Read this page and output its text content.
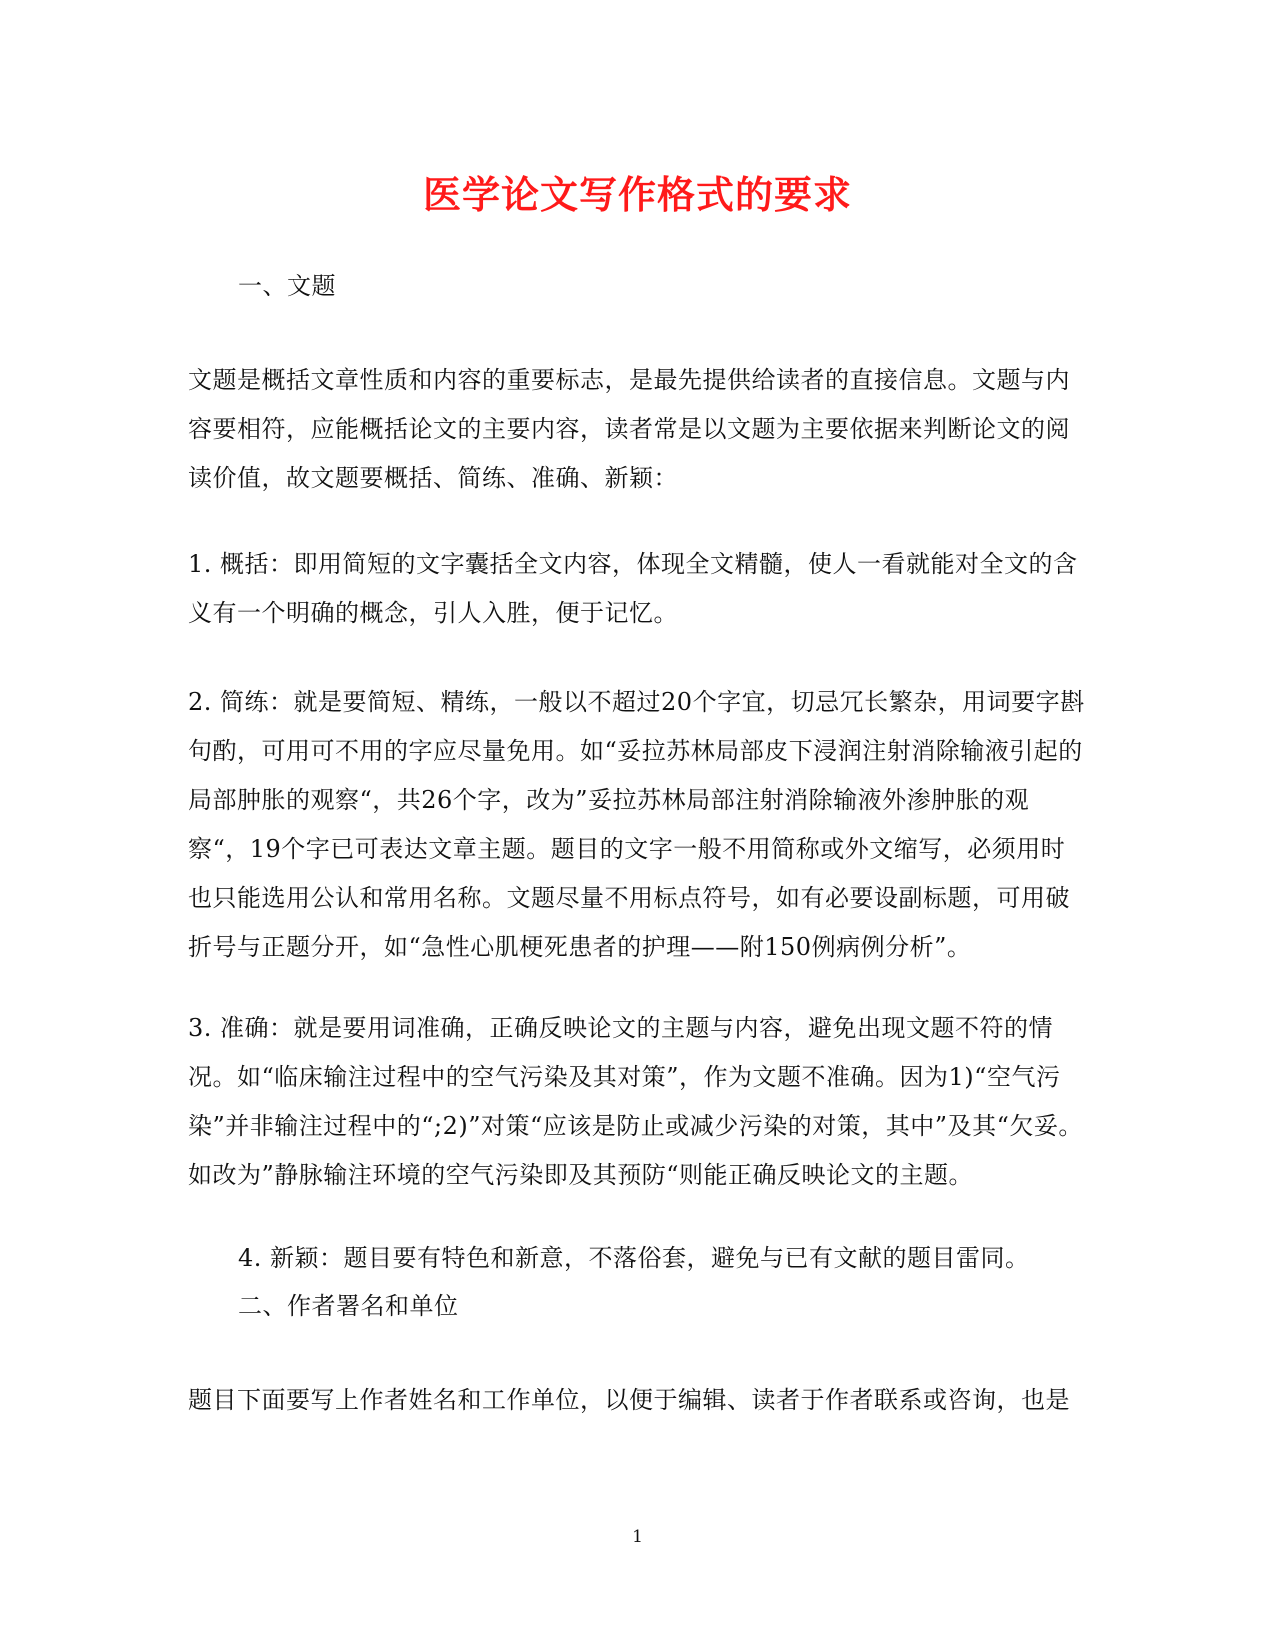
医学论文写作格式的要求

一、文题

文题是概括文章性质和内容的重要标志，是最先提供给读者的直接信息。文题与内容要相符，应能概括论文的主要内容，读者常是以文题为主要依据来判断论文的阅读价值，故文题要概括、简练、准确、新颖：

1. 概括：即用简短的文字囊括全文内容，体现全文精髓，使人一看就能对全文的含义有一个明确的概念，引人入胜，便于记忆。

2. 简练：就是要简短、精练，一般以不超过20个字宜，切忌冗长繁杂，用词要字斟句酌，可用可不用的字应尽量免用。如“妥拉苏林局部皮下浸润注射消除输液引起的局部肿胀的观察“，共26个字，改为”妥拉苏林局部注射消除输液外渗肿胀的观察“，19个字已可表达文章主题。题目的文字一般不用简称或外文缩写，必须用时也只能选用公认和常用名称。文题尽量不用标点符号，如有必要设副标题，可用破折号与正题分开，如“急性心肌梗死患者的护理——附150例病例分析”。

3. 准确：就是要用词准确，正确反映论文的主题与内容，避免出现文题不符的情况。如“临床输注过程中的空气污染及其对策”，作为文题不准确。因为1)“空气污染”并非输注过程中的“;2)”对策“应该是防止或减少污染的对策，其中”及其“欠妥。如改为”静脉输注环境的空气污染即及其预防“则能正确反映论文的主题。

4. 新颖：题目要有特色和新意，不落俗套，避免与已有文献的题目雷同。

二、作者署名和单位

题目下面要写上作者姓名和工作单位，以便于编辑、读者于作者联系或咨询，也是

1
